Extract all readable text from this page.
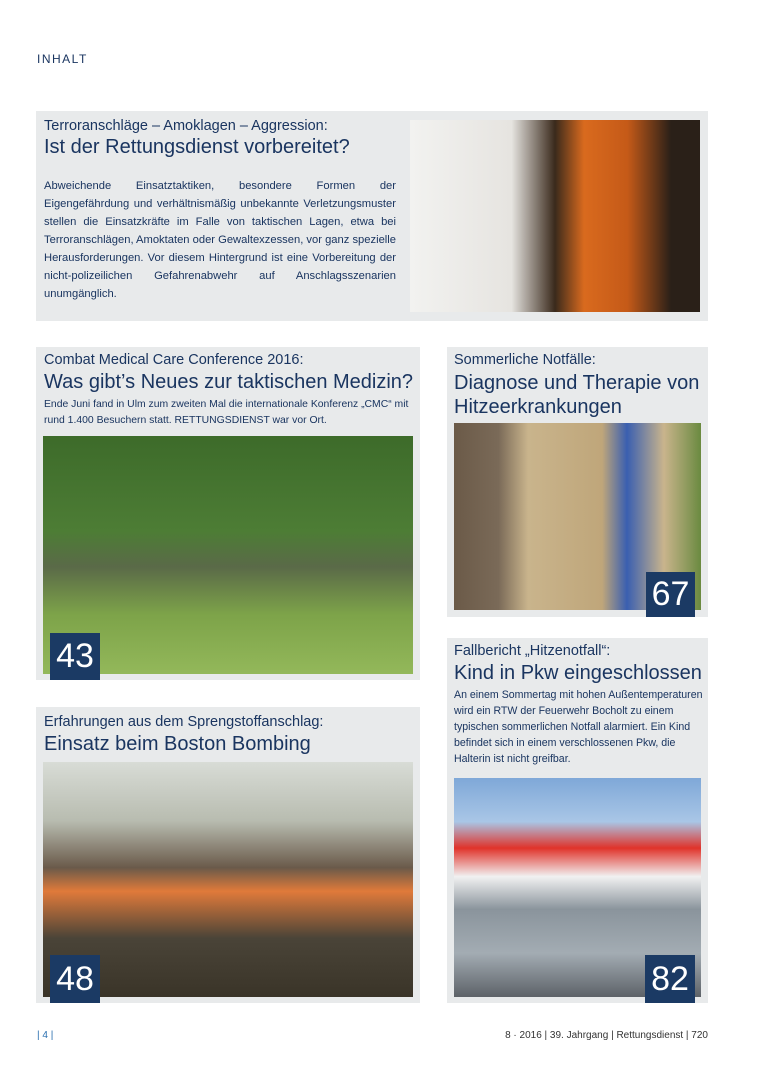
INHALT
Terroranschläge – Amoklagen – Aggression:
Ist der Rettungsdienst vorbereitet?
Abweichende Einsatztaktiken, besondere Formen der Eigengefährdung und verhältnismäßig unbekannte Verletzungsmuster stellen die Einsatzkräfte im Falle von taktischen Lagen, etwa bei Terroranschlägen, Amoktaten oder Gewaltexzessen, vor ganz spezielle Herausforderungen. Vor diesem Hintergrund ist eine Vorbereitung der nicht-polizeilichen Gefahrenabwehr auf Anschlagsszenarien unumgänglich.
Combat Medical Care Conference 2016:
Was gibt’s Neues zur taktischen Medizin?
Ende Juni fand in Ulm zum zweiten Mal die internationale Konferenz „CMC“ mit rund 1.400 Besuchern statt. RETTUNGSDIENST war vor Ort.
43
Sommerliche Notfälle:
Diagnose und Therapie von Hitzeerkrankungen
67
Fallbericht „Hitzenotfall“:
Kind in Pkw eingeschlossen
An einem Sommertag mit hohen Außentemperaturen wird ein RTW der Feuerwehr Bocholt zu einem typischen sommerlichen Notfall alarmiert. Ein Kind befindet sich in einem verschlossenen Pkw, die Halterin ist nicht greifbar.
82
Erfahrungen aus dem Sprengstoffanschlag:
Einsatz beim Boston Bombing
48
| 4 |	8 · 2016 | 39. Jahrgang | Rettungsdienst | 720
